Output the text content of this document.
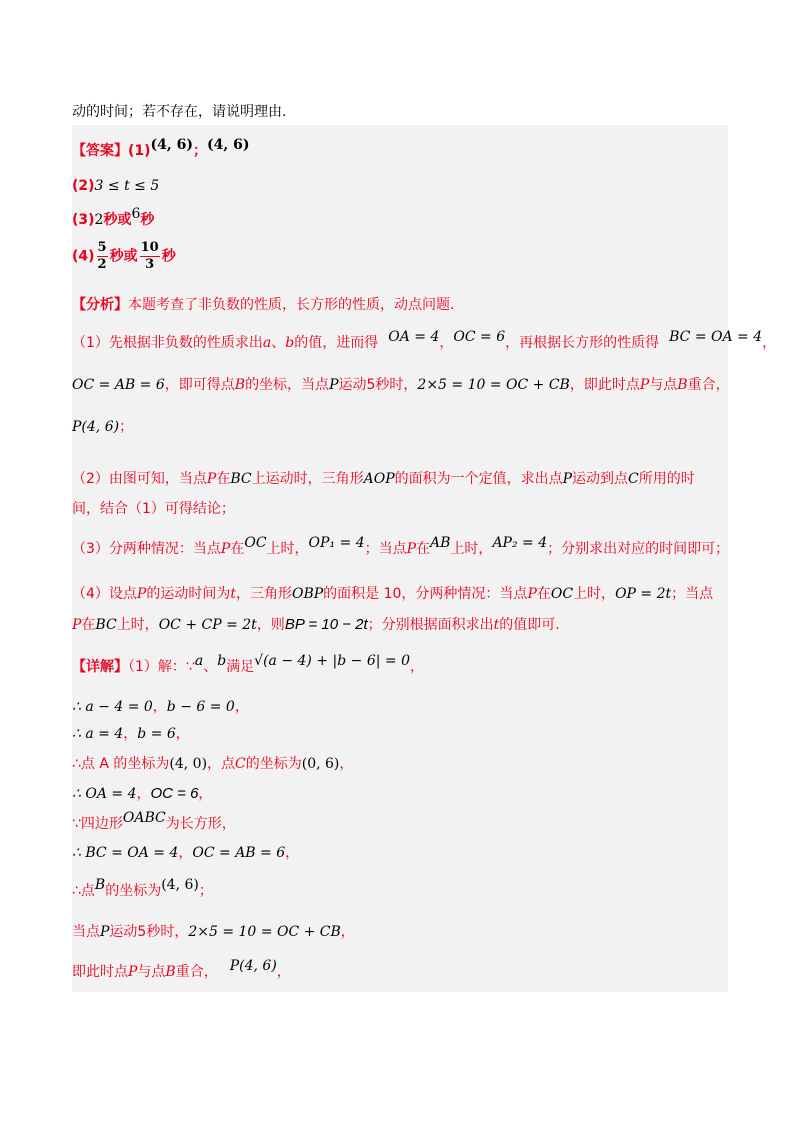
动的时间；若不存在，请说明理由.
【答案】(1)(4, 6)；(4, 6)
(2)3 ≤ t ≤ 5
(3)2秒或6秒
$(4) \frac{5}{2}$ 秒或 $\frac{10}{3}$ 秒
【分析】本题考查了非负数的性质，长方形的性质，动点问题.
（1）先根据非负数的性质求出a、b的值，进而得 OA = 4，OC = 6，再根据长方形的性质得 BC = OA = 4，
OC = AB = 6，即可得点B的坐标，当点P运动5秒时，2×5 = 10 = OC + CB，即此时点P与点B重合，
P(4, 6)；
（2）由图可知，当点P在BC上运动时，三角形AOP的面积为一个定值，求出点P运动到点C所用的时
间，结合（1）可得结论；
（3）分两种情况：当点P在OC上时，OP₁ = 4；当点P在AB上时，AP₂ = 4；分别求出对应的时间即可；
（4）设点P的运动时间为t，三角形OBP的面积是 10，分两种情况：当点P在OC上时，OP = 2t；当点
P在BC上时，OC + CP = 2t，则BP = 10 − 2t；分别根据面积求出t的值即可.
【详解】（1）解：∵a、b满足√(a − 4) + |b − 6| = 0，
∴ a − 4 = 0，b − 6 = 0，
∴ a = 4，b = 6，
∴点 A 的坐标为(4, 0)，点C的坐标为(0, 6)，
∴ OA = 4，OC = 6，
∵四边形OABC为长方形，
∴ BC = OA = 4，OC = AB = 6，
∴点B的坐标为(4, 6)；
当点P运动5秒时，2×5 = 10 = OC + CB，
即此时点P与点B重合， P(4, 6)，
